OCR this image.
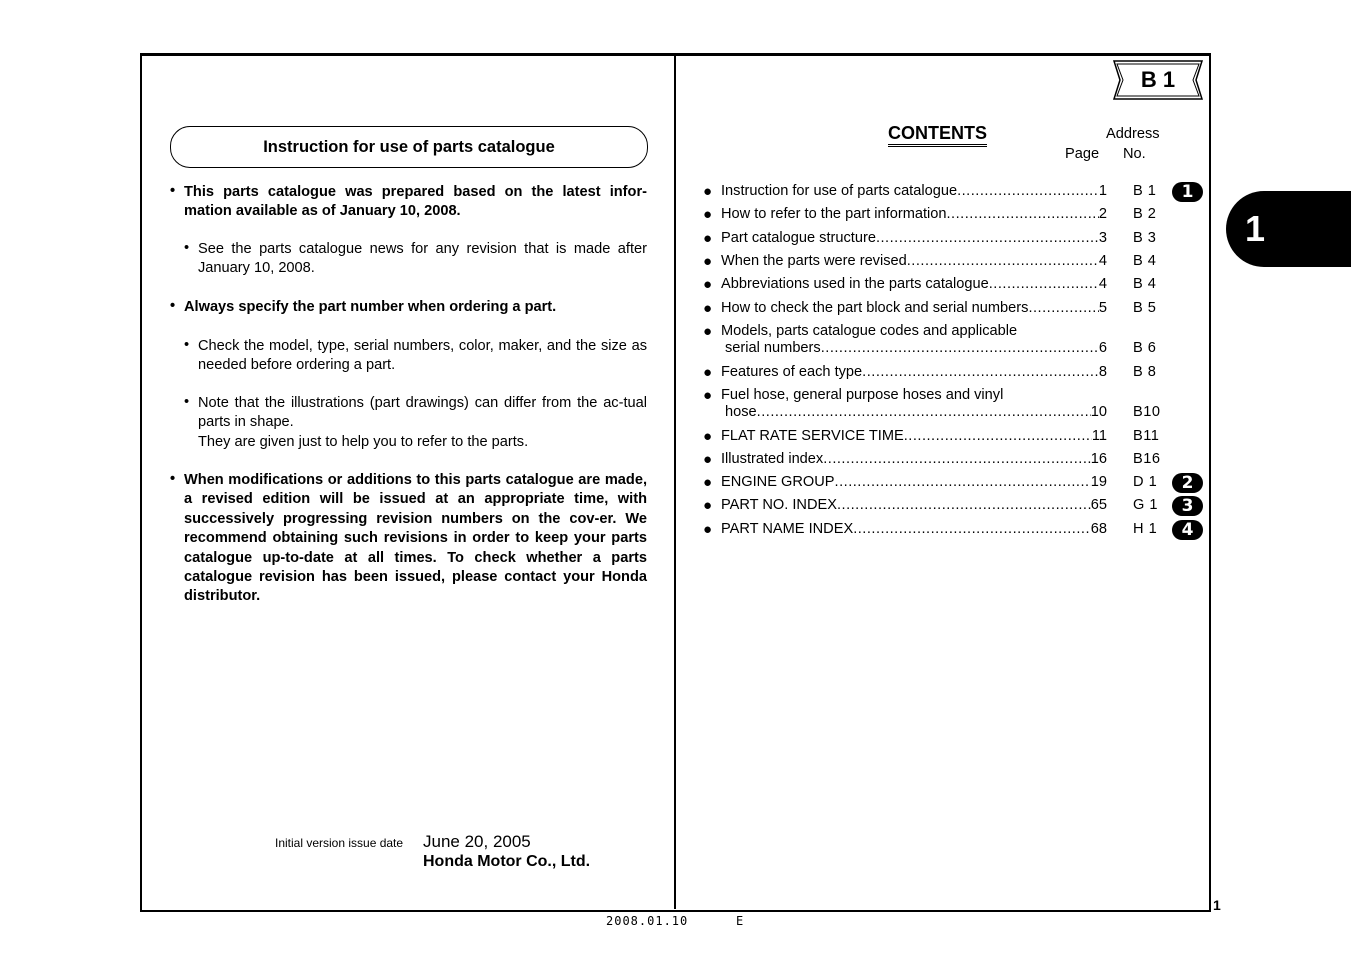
Instruction for use of parts catalogue
• This parts catalogue was prepared based on the latest infor-mation available as of January 10, 2008.
• See the parts catalogue news for any revision that is made after January 10, 2008.
• Always specify the part number when ordering a part.
• Check the model, type, serial numbers, color, maker, and the size as needed before ordering a part.
• Note that the illustrations (part drawings) can differ from the ac-tual parts in shape.
They are given just to help you to refer to the parts.
• When modifications or additions to this parts catalogue are made, a revised edition will be issued at an appropriate time, with successively progressing revision numbers on the cov-er. We recommend obtaining such revisions in order to keep your parts catalogue up-to-date at all times. To check whether a parts catalogue revision has been issued, please contact your Honda distributor.
Initial version issue date June 20, 2005
Honda Motor Co., Ltd.
B 1
CONTENTS	Address
Page No.
● Instruction for use of parts catalogue .....	1 B 1
● How to refer to the part information .....	2 B 2
● Part catalogue structure .....	3 B 3
● When the parts were revised .....	4 B 4
● Abbreviations used in the parts catalogue .....	4 B 4
● How to check the part block and serial numbers .....	5 B 5
● Models, parts catalogue codes and applicable
serial numbers .....	6 B 6
● Features of each type .....	8 B 8
● Fuel hose, general purpose hoses and vinyl
hose .....	10 B10
● FLAT RATE SERVICE TIME .....	11 B11
● Illustrated index .....	16 B16
● ENGINE GROUP .....	19 D 1
● PART NO. INDEX .....	65 G 1
● PART NAME INDEX .....	68 H 1
1
2
3
4
1
1
2008.01.10	E
